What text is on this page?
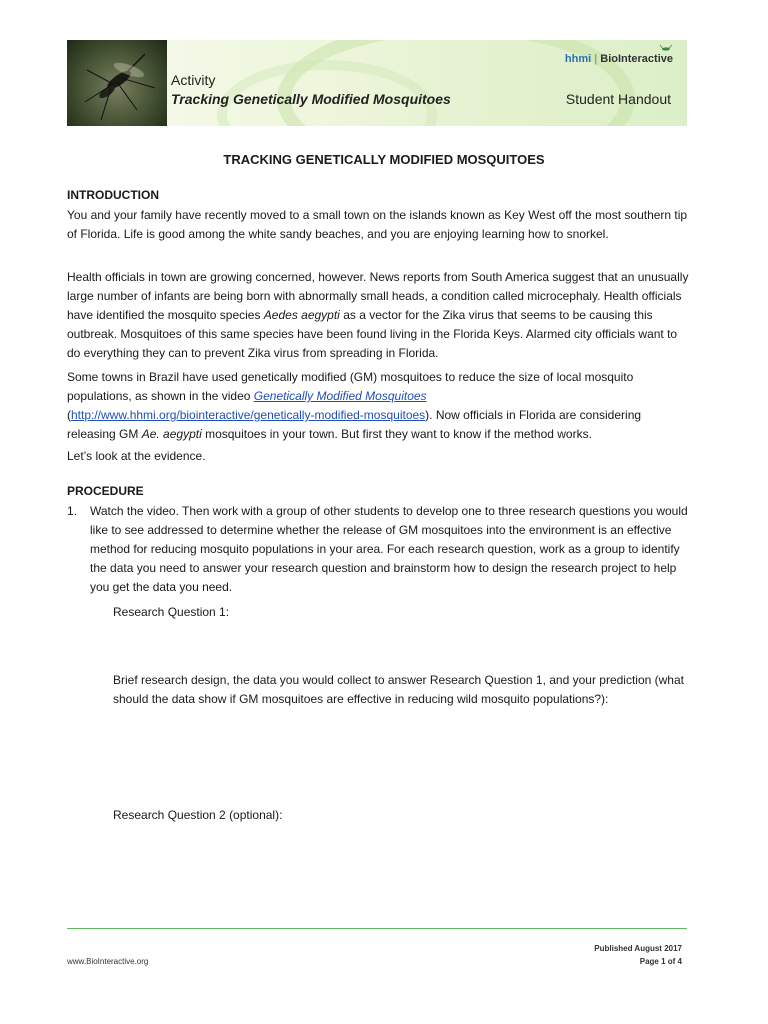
hhmi | BioInteractive
Activity
Tracking Genetically Modified Mosquitoes	Student Handout
TRACKING GENETICALLY MODIFIED MOSQUITOES
INTRODUCTION
You and your family have recently moved to a small town on the islands known as Key West off the most southern tip of Florida. Life is good among the white sandy beaches, and you are enjoying learning how to snorkel.
Health officials in town are growing concerned, however. News reports from South America suggest that an unusually large number of infants are being born with abnormally small heads, a condition called microcephaly. Health officials have identified the mosquito species Aedes aegypti as a vector for the Zika virus that seems to be causing this outbreak. Mosquitoes of this same species have been found living in the Florida Keys. Alarmed city officials want to do everything they can to prevent Zika virus from spreading in Florida.
Some towns in Brazil have used genetically modified (GM) mosquitoes to reduce the size of local mosquito populations, as shown in the video Genetically Modified Mosquitoes
(http://www.hhmi.org/biointeractive/genetically-modified-mosquitoes). Now officials in Florida are considering releasing GM Ae. aegypti mosquitoes in your town. But first they want to know if the method works.
Let’s look at the evidence.
PROCEDURE
1. Watch the video. Then work with a group of other students to develop one to three research questions you would like to see addressed to determine whether the release of GM mosquitoes into the environment is an effective method for reducing mosquito populations in your area. For each research question, work as a group to identify the data you need to answer your research question and brainstorm how to design the research project to help you get the data you need.
Research Question 1:
Brief research design, the data you would collect to answer Research Question 1, and your prediction (what should the data show if GM mosquitoes are effective in reducing wild mosquito populations?):
Research Question 2 (optional):
Published August 2017
Page 1 of 4
www.BioInteractive.org
